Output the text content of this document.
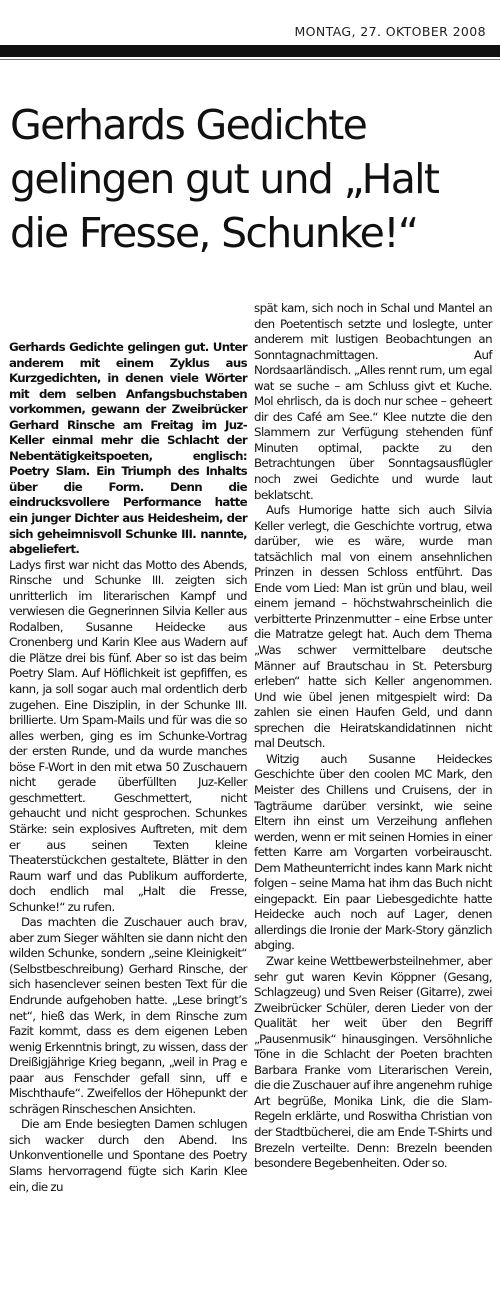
MONTAG, 27. OKTOBER 2008
Gerhards Gedichte
gelingen gut und „Halt
die Fresse, Schunke!“

Gerhards Gedichte gelingen gut. Unter anderem mit einem Zyklus aus Kurzgedichten, in denen viele Wörter mit dem selben Anfangsbuchstaben vorkommen, gewann der Zweibrücker Gerhard Rinsche am Freitag im Juz-Keller einmal mehr die Schlacht der Nebentätigkeitspoeten, englisch: Poetry Slam. Ein Triumph des Inhalts über die Form. Denn die eindrucksvollere Performance hatte ein junger Dichter aus Heidesheim, der sich geheimnisvoll Schunke III. nannte, abgeliefert.

Ladys first war nicht das Motto des Abends, Rinsche und Schunke III. zeigten sich unritterlich im literarischen Kampf und verwiesen die Gegnerinnen Silvia Keller aus Rodalben, Susanne Heidecke aus Cronenberg und Karin Klee aus Wadern auf die Plätze drei bis fünf. Aber so ist das beim Poetry Slam. Auf Höflichkeit ist gepfiffen, es kann, ja soll sogar auch mal ordentlich derb zugehen. Eine Disziplin, in der Schunke III. brillierte. Um Spam-Mails und für was die so alles werben, ging es im Schunke-Vortrag der ersten Runde, und da wurde manches böse F-Wort in den mit etwa 50 Zuschauern nicht gerade überfüllten Juz-Keller geschmettert. Geschmettert, nicht gehaucht und nicht gesprochen. Schunkes Stärke: sein explosives Auftreten, mit dem er aus seinen Texten kleine Theaterstückchen gestaltete, Blätter in den Raum warf und das Publikum aufforderte, doch endlich mal „Halt die Fresse, Schunke!“ zu rufen.

Das machten die Zuschauer auch brav, aber zum Sieger wählten sie dann nicht den wilden Schunke, sondern „seine Kleinigkeit“ (Selbstbeschreibung) Gerhard Rinsche, der sich hasenclever seinen besten Text für die Endrunde aufgehoben hatte. „Lese bringt’s net“, hieß das Werk, in dem Rinsche zum Fazit kommt, dass es dem eigenen Leben wenig Erkenntnis bringt, zu wissen, dass der Dreißigjährige Krieg begann, „weil in Prag e paar aus Fenschder gefall sinn, uff e Mischthaufe“. Zweifellos der Höhepunkt der schrägen Rinscheschen Ansichten.

Die am Ende besiegten Damen schlugen sich wacker durch den Abend. Ins Unkonventionelle und Spontane des Poetry Slams hervorragend fügte sich Karin Klee ein, die zu

spät kam, sich noch in Schal und Mantel an den Poetentisch setzte und loslegte, unter anderem mit lustigen Beobachtungen an Sonntagnachmittagen. Auf Nordsaarländisch. „Alles rennt rum, um egal wat se suche – am Schluss givt et Kuche. Mol ehrlisch, da is doch nur schee – geheert dir des Café am See.“ Klee nutzte die den Slammern zur Verfügung stehenden fünf Minuten optimal, packte zu den Betrachtungen über Sonntagsausflügler noch zwei Gedichte und wurde laut beklatscht.

Aufs Humorige hatte sich auch Silvia Keller verlegt, die Geschichte vortrug, etwa darüber, wie es wäre, wurde man tatsächlich mal von einem ansehnlichen Prinzen in dessen Schloss entführt. Das Ende vom Lied: Man ist grün und blau, weil einem jemand – höchstwahrscheinlich die verbitterte Prinzenmutter – eine Erbse unter die Matratze gelegt hat. Auch dem Thema „Was schwer vermittelbare deutsche Männer auf Brautschau in St. Petersburg erleben“ hatte sich Keller angenommen. Und wie übel jenen mitgespielt wird: Da zahlen sie einen Haufen Geld, und dann sprechen die Heiratskandidatinnen nicht mal Deutsch.

Witzig auch Susanne Heideckes Geschichte über den coolen MC Mark, den Meister des Chillens und Cruisens, der in Tagträume darüber versinkt, wie seine Eltern ihn einst um Verzeihung anflehen werden, wenn er mit seinen Homies in einer fetten Karre am Vorgarten vorbeirauscht. Dem Matheunterricht indes kann Mark nicht folgen – seine Mama hat ihm das Buch nicht eingepackt. Ein paar Liebesgedichte hatte Heidecke auch noch auf Lager, denen allerdings die Ironie der Mark-Story gänzlich abging.

Zwar keine Wettbewerbsteilnehmer, aber sehr gut waren Kevin Köppner (Gesang, Schlagzeug) und Sven Reiser (Gitarre), zwei Zweibrücker Schüler, deren Lieder von der Qualität her weit über den Begriff „Pausenmusik“ hinausgingen. Versöhnliche Töne in die Schlacht der Poeten brachten Barbara Franke vom Literarischen Verein, die die Zuschauer auf ihre angenehm ruhige Art begrüße, Monika Link, die die Slam-Regeln erklärte, und Roswitha Christian von der Stadtbücherei, die am Ende T-Shirts und Brezeln verteilte. Denn: Brezeln beenden besondere Begebenheiten. Oder so.
